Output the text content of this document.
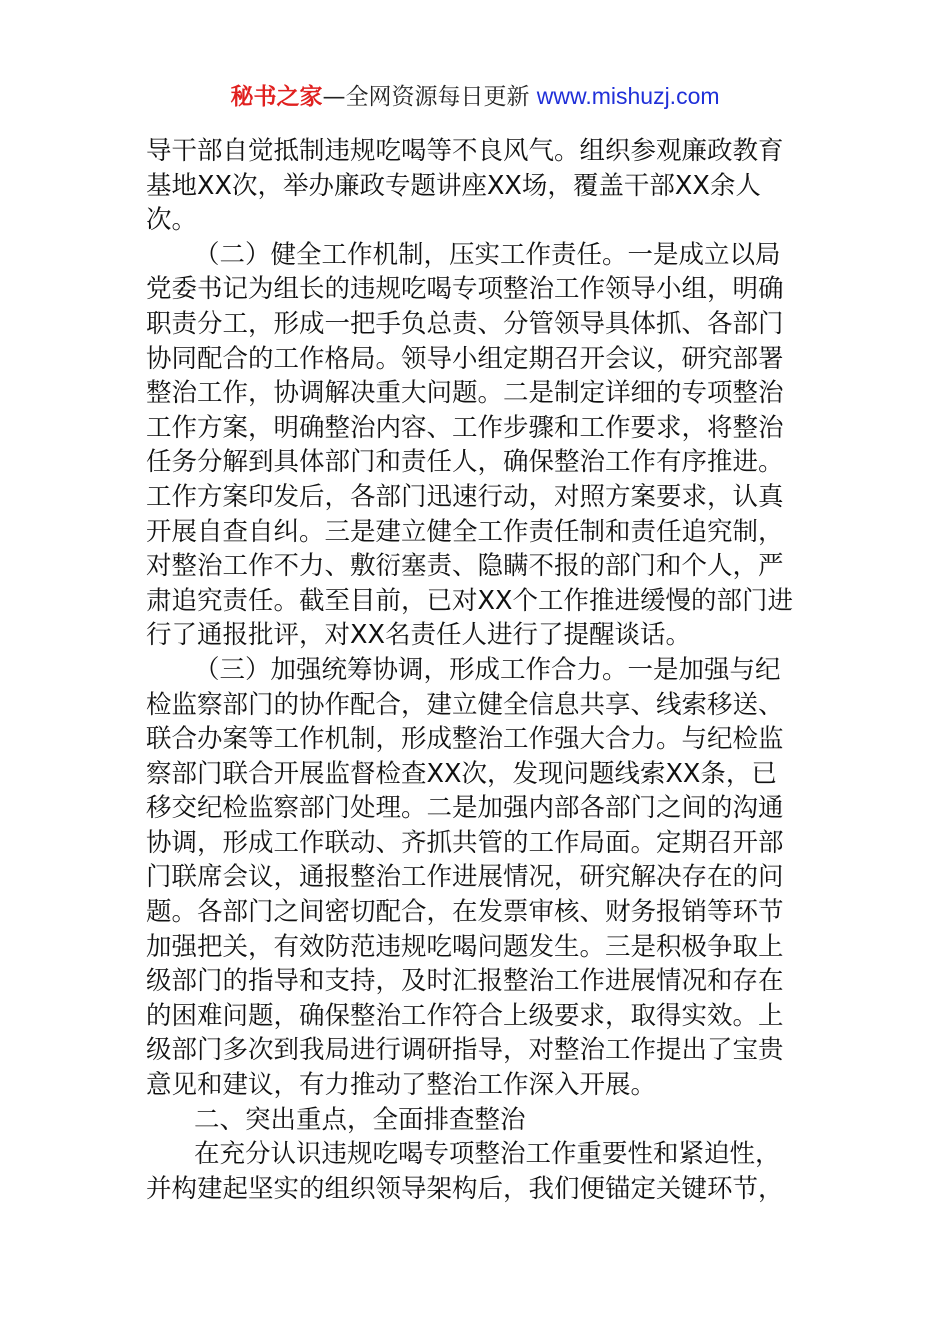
秘书之家—全网资源每日更新 www.mishuzj.com
导干部自觉抵制违规吃喝等不良风气。组织参观廉政教育
基地XX次，举办廉政专题讲座XX场，覆盖干部XX余人
次。
（二）健全工作机制，压实工作责任。一是成立以局
党委书记为组长的违规吃喝专项整治工作领导小组，明确
职责分工，形成一把手负总责、分管领导具体抓、各部门
协同配合的工作格局。领导小组定期召开会议，研究部署
整治工作，协调解决重大问题。二是制定详细的专项整治
工作方案，明确整治内容、工作步骤和工作要求，将整治
任务分解到具体部门和责任人，确保整治工作有序推进。
工作方案印发后，各部门迅速行动，对照方案要求，认真
开展自查自纠。三是建立健全工作责任制和责任追究制，
对整治工作不力、敷衍塞责、隐瞒不报的部门和个人，严
肃追究责任。截至目前，已对XX个工作推进缓慢的部门进
行了通报批评，对XX名责任人进行了提醒谈话。
（三）加强统筹协调，形成工作合力。一是加强与纪
检监察部门的协作配合，建立健全信息共享、线索移送、
联合办案等工作机制，形成整治工作强大合力。与纪检监
察部门联合开展监督检查XX次，发现问题线索XX条，已
移交纪检监察部门处理。二是加强内部各部门之间的沟通
协调，形成工作联动、齐抓共管的工作局面。定期召开部
门联席会议，通报整治工作进展情况，研究解决存在的问
题。各部门之间密切配合，在发票审核、财务报销等环节
加强把关，有效防范违规吃喝问题发生。三是积极争取上
级部门的指导和支持，及时汇报整治工作进展情况和存在
的困难问题，确保整治工作符合上级要求，取得实效。上
级部门多次到我局进行调研指导，对整治工作提出了宝贵
意见和建议，有力推动了整治工作深入开展。
二、突出重点，全面排查整治
在充分认识违规吃喝专项整治工作重要性和紧迫性，
并构建起坚实的组织领导架构后，我们便锚定关键环节，
